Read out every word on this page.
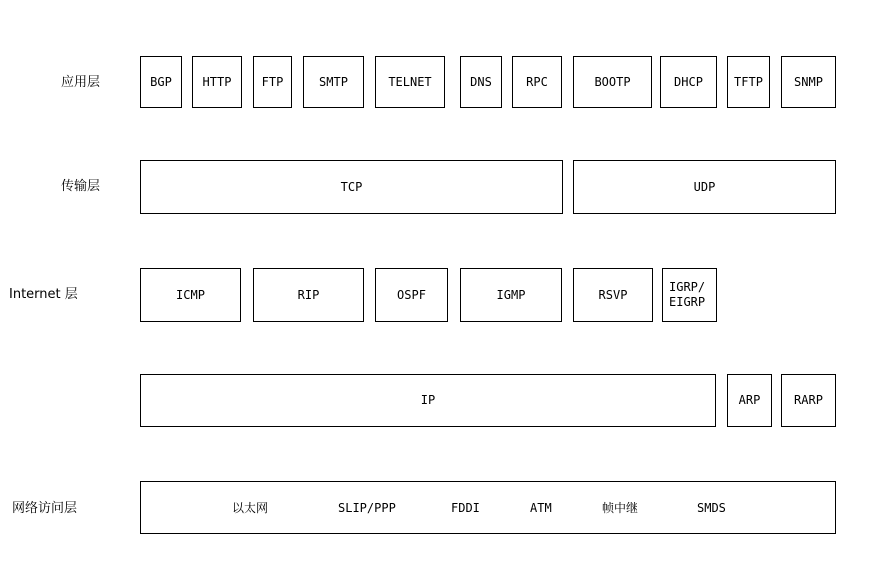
应用层
传输层
Internet 层
网络访问层
BGP	HTTP	FTP	SMTP	TELNET	DNS	RPC	BOOTP	DHCP	TFTP	SNMP
TCP	UDP
ICMP	RIP	OSPF	IGMP	RSVP
IGRP/
EIGRP
IP	ARP	RARP
以太网	SLIP/PPP	FDDI	ATM	帧中继	SMDS
